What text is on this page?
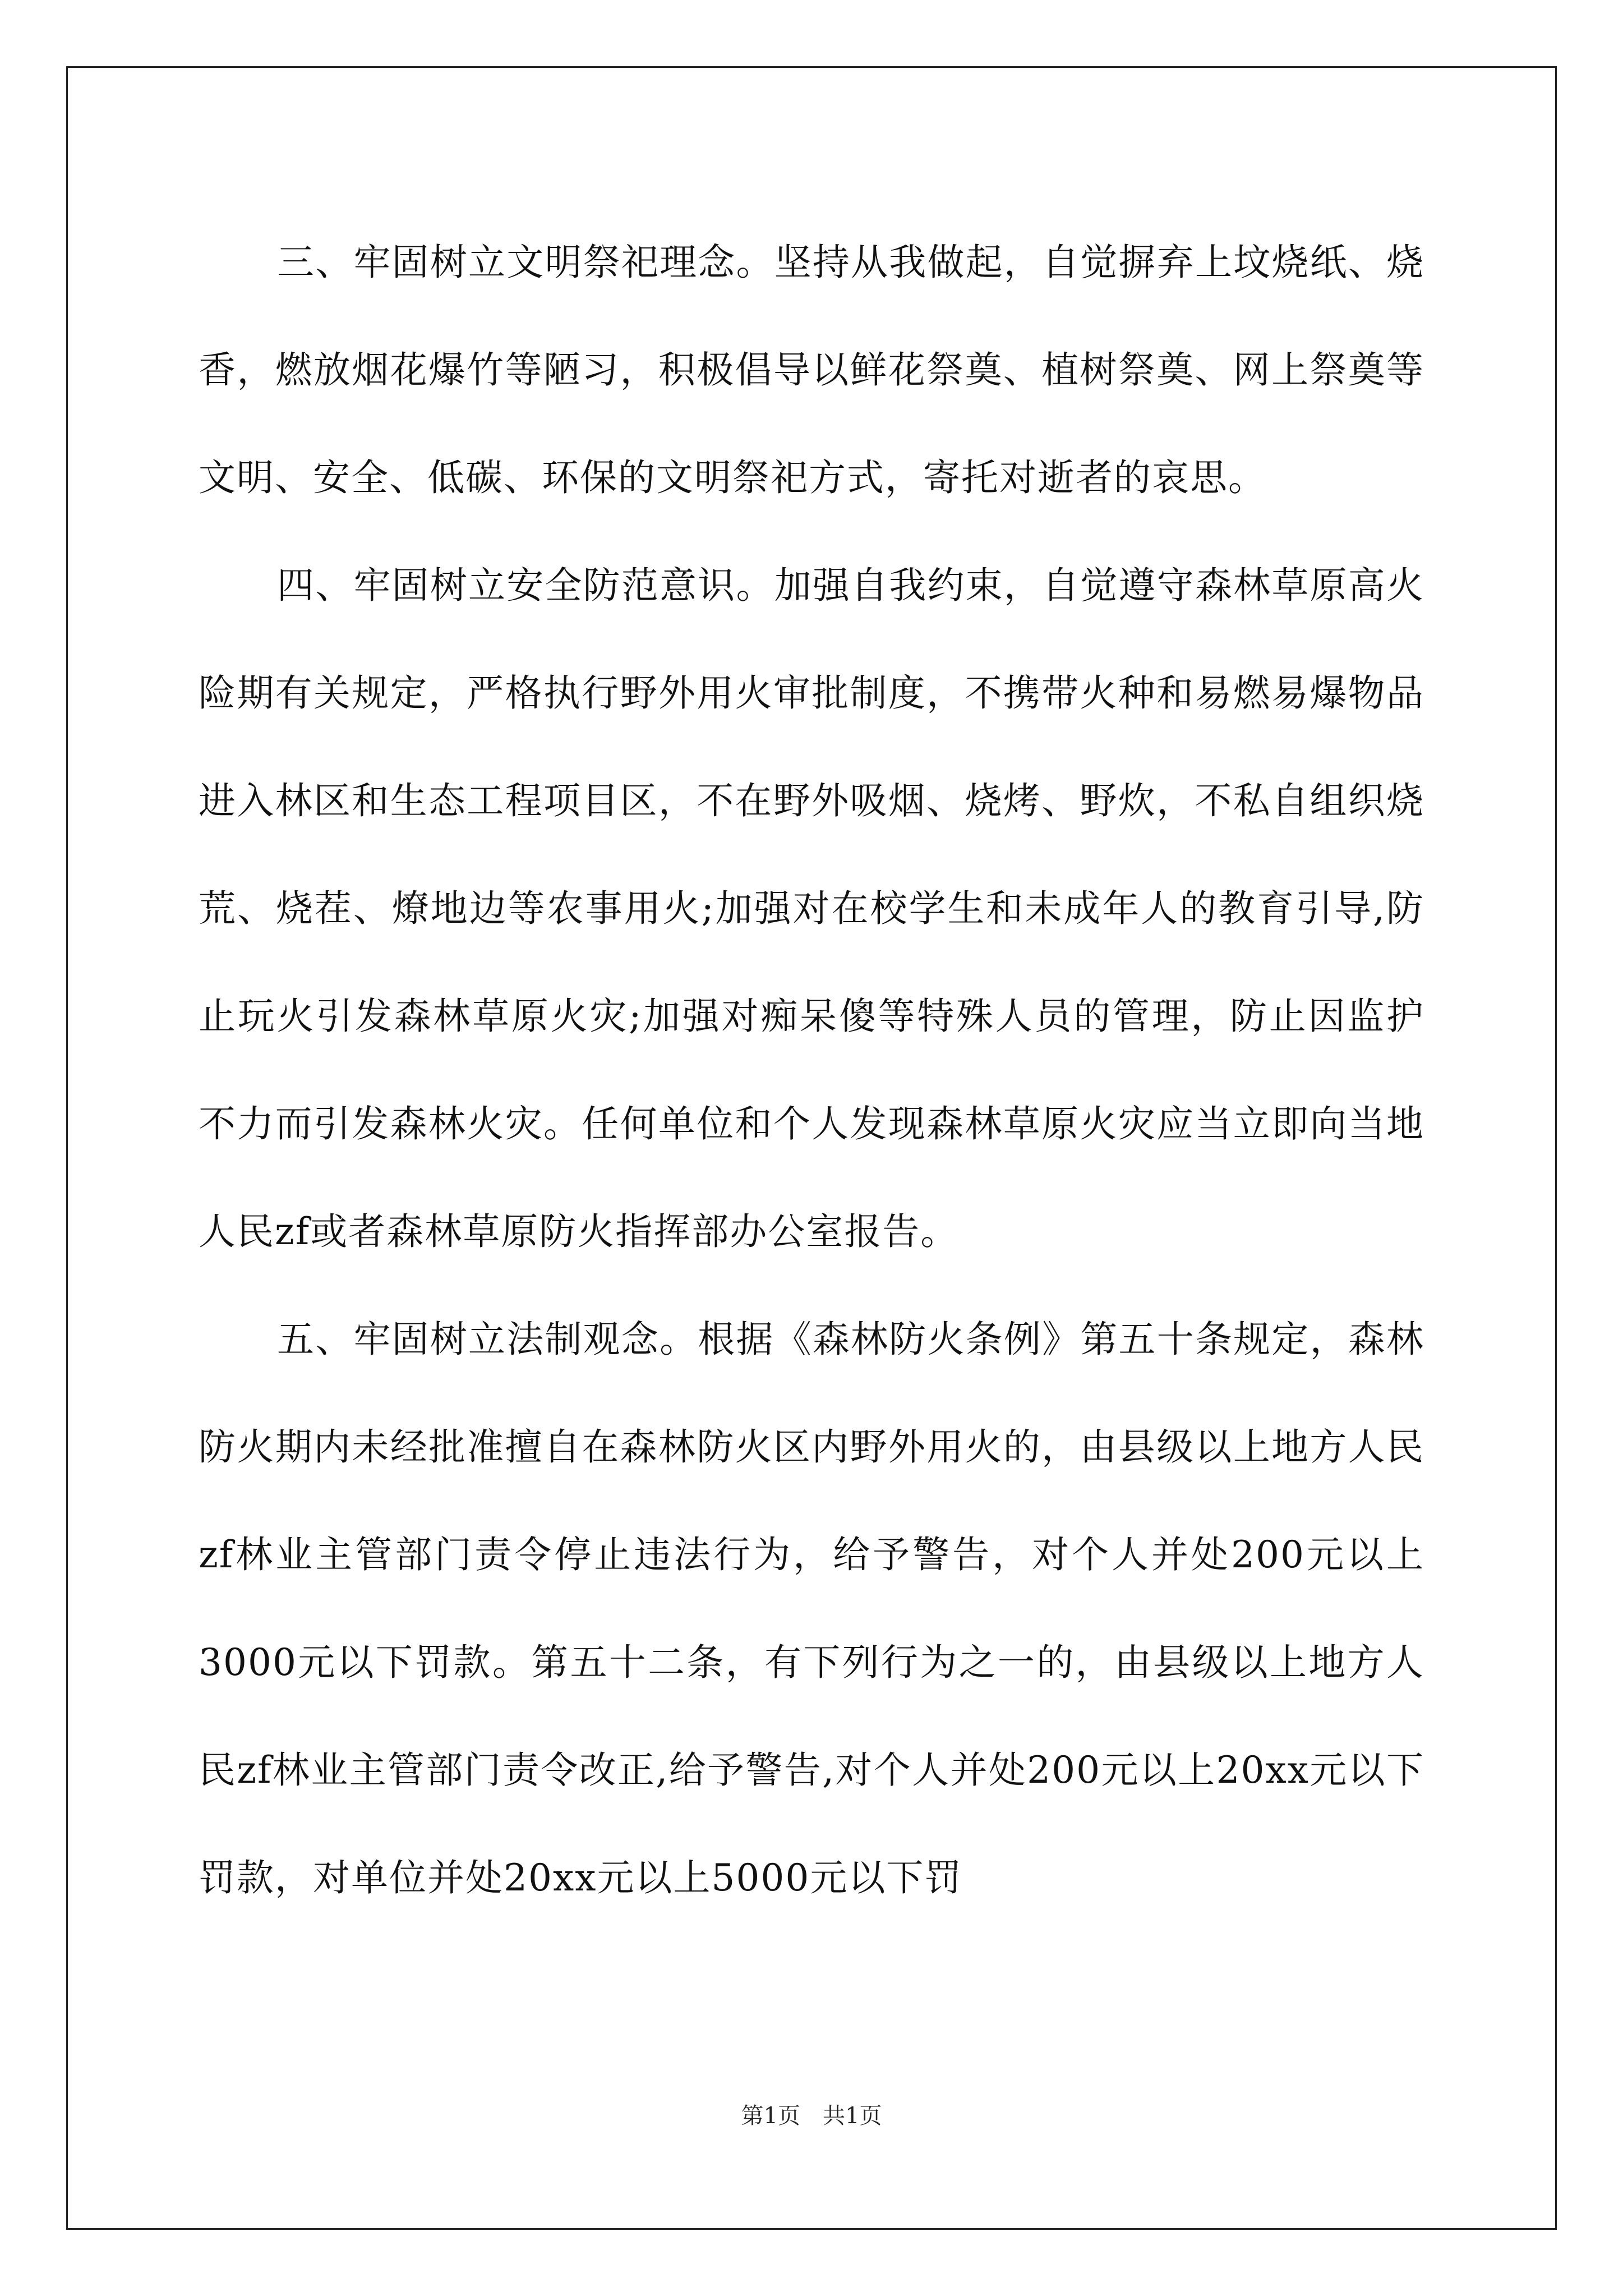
三、牢固树立文明祭祀理念。坚持从我做起，自觉摒弃上坟烧纸、烧香，燃放烟花爆竹等陋习，积极倡导以鲜花祭奠、植树祭奠、网上祭奠等文明、安全、低碳、环保的文明祭祀方式，寄托对逝者的哀思。

四、牢固树立安全防范意识。加强自我约束，自觉遵守森林草原高火险期有关规定，严格执行野外用火审批制度，不携带火种和易燃易爆物品进入林区和生态工程项目区，不在野外吸烟、烧烤、野炊，不私自组织烧荒、烧茬、燎地边等农事用火;加强对在校学生和未成年人的教育引导,防止玩火引发森林草原火灾;加强对痴呆傻等特殊人员的管理，防止因监护不力而引发森林火灾。任何单位和个人发现森林草原火灾应当立即向当地人民zf或者森林草原防火指挥部办公室报告。

五、牢固树立法制观念。根据《森林防火条例》第五十条规定，森林防火期内未经批准擅自在森林防火区内野外用火的，由县级以上地方人民zf林业主管部门责令停止违法行为，给予警告，对个人并处200元以上3000元以下罚款。第五十二条，有下列行为之一的，由县级以上地方人民zf林业主管部门责令改正,给予警告,对个人并处200元以上20xx元以下罚款，对单位并处20xx元以上5000元以下罚

第1页　共1页
